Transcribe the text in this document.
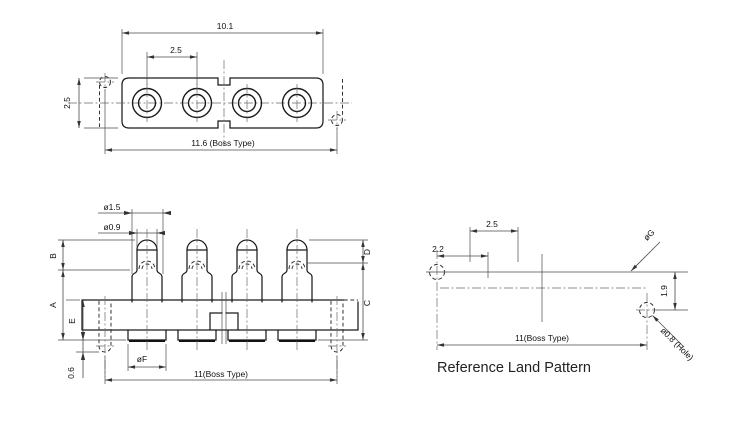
10.1
2.5
2.5
11.6 (Boss Type)
ø1.5
ø0.9
B
A
E
0.6
D
C
øF
11(Boss Type)
2.5
2.2
1.9
øG
ø0.8 (Hole)
11(Boss Type)
Reference Land Pattern
